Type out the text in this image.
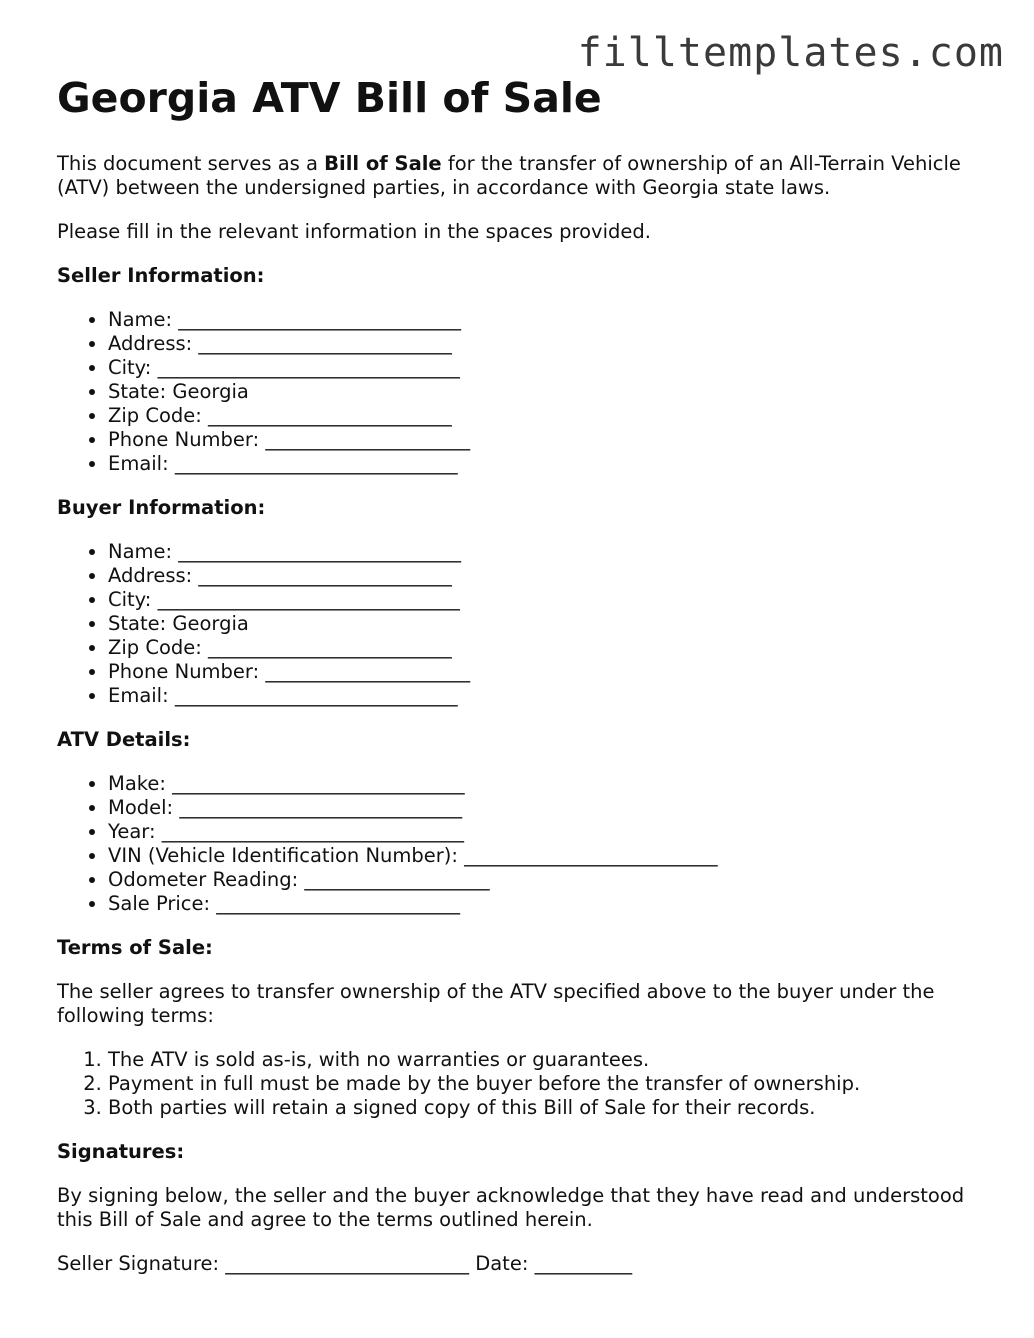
filltemplates.com
Georgia ATV Bill of Sale

This document serves as a Bill of Sale for the transfer of ownership of an All-Terrain Vehicle (ATV) between the undersigned parties, in accordance with Georgia state laws.

Please fill in the relevant information in the spaces provided.

Seller Information:
• Name: _____________________________
• Address: __________________________
• City: _______________________________
• State: Georgia
• Zip Code: _________________________
• Phone Number: _____________________
• Email: _____________________________
Buyer Information:
• Name: _____________________________
• Address: __________________________
• City: _______________________________
• State: Georgia
• Zip Code: _________________________
• Phone Number: _____________________
• Email: _____________________________
ATV Details:
• Make: ______________________________
• Model: _____________________________
• Year: _______________________________
• VIN (Vehicle Identification Number): __________________________
• Odometer Reading: ___________________
• Sale Price: _________________________
Terms of Sale:

The seller agrees to transfer ownership of the ATV specified above to the buyer under the following terms:

1. The ATV is sold as-is, with no warranties or guarantees.
2. Payment in full must be made by the buyer before the transfer of ownership.
3. Both parties will retain a signed copy of this Bill of Sale for their records.
Signatures:

By signing below, the seller and the buyer acknowledge that they have read and understood this Bill of Sale and agree to the terms outlined herein.

Seller Signature: _________________________ Date: __________
